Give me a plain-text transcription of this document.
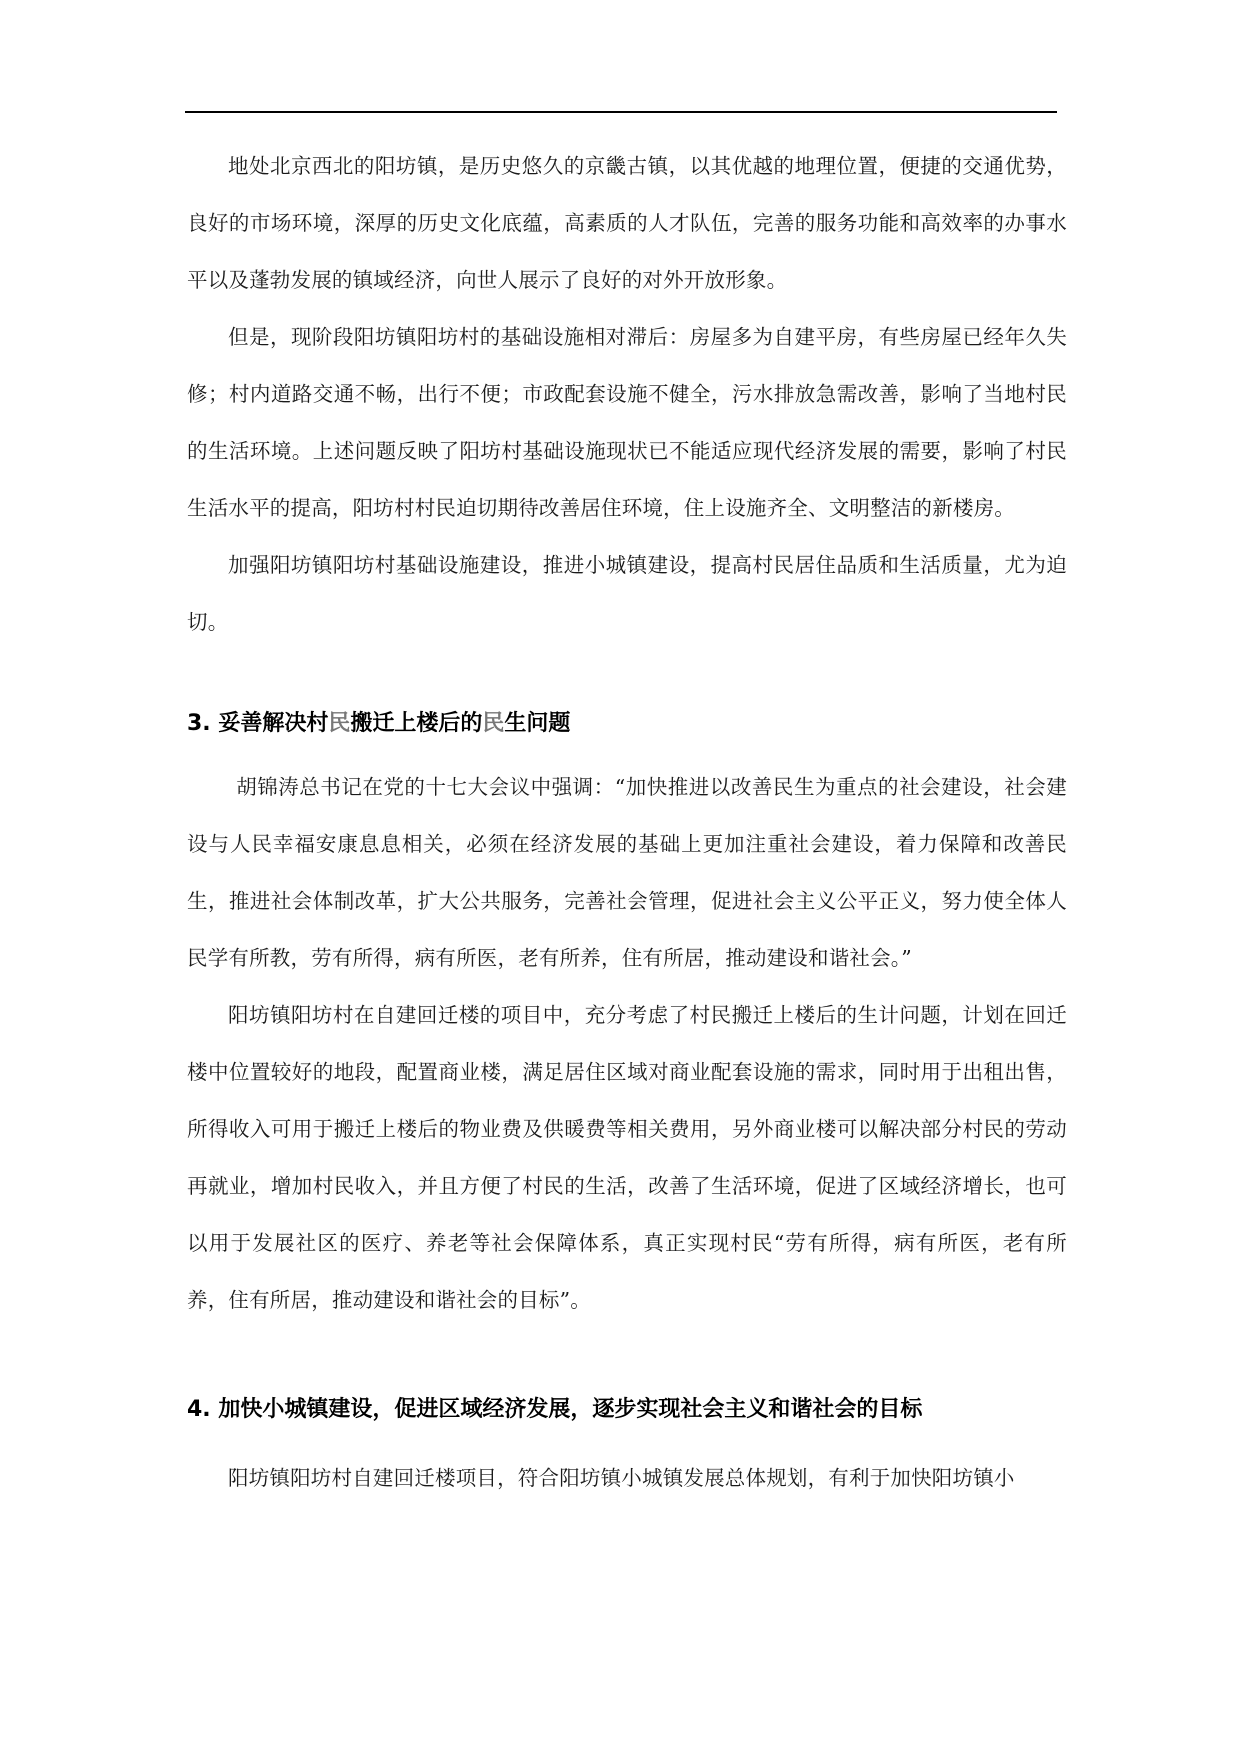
地处北京西北的阳坊镇，是历史悠久的京畿古镇，以其优越的地理位置，便捷的交通优势，良好的市场环境，深厚的历史文化底蕴，高素质的人才队伍，完善的服务功能和高效率的办事水平以及蓬勃发展的镇域经济，向世人展示了良好的对外开放形象。

但是，现阶段阳坊镇阳坊村的基础设施相对滞后：房屋多为自建平房，有些房屋已经年久失修；村内道路交通不畅，出行不便；市政配套设施不健全，污水排放急需改善，影响了当地村民的生活环境。上述问题反映了阳坊村基础设施现状已不能适应现代经济发展的需要，影响了村民生活水平的提高，阳坊村村民迫切期待改善居住环境，住上设施齐全、文明整洁的新楼房。

加强阳坊镇阳坊村基础设施建设，推进小城镇建设，提高村民居住品质和生活质量，尤为迫切。

3. 妥善解决村民搬迁上楼后的民生问题

胡锦涛总书记在党的十七大会议中强调：“加快推进以改善民生为重点的社会建设，社会建设与人民幸福安康息息相关，必须在经济发展的基础上更加注重社会建设，着力保障和改善民生，推进社会体制改革，扩大公共服务，完善社会管理，促进社会主义公平正义，努力使全体人民学有所教，劳有所得，病有所医，老有所养，住有所居，推动建设和谐社会。”

阳坊镇阳坊村在自建回迁楼的项目中，充分考虑了村民搬迁上楼后的生计问题，计划在回迁楼中位置较好的地段，配置商业楼，满足居住区域对商业配套设施的需求，同时用于出租出售，所得收入可用于搬迁上楼后的物业费及供暖费等相关费用，另外商业楼可以解决部分村民的劳动再就业，增加村民收入，并且方便了村民的生活，改善了生活环境，促进了区域经济增长，也可以用于发展社区的医疗、养老等社会保障体系，真正实现村民“劳有所得，病有所医，老有所养，住有所居，推动建设和谐社会的目标”。

4. 加快小城镇建设，促进区域经济发展，逐步实现社会主义和谐社会的目标

阳坊镇阳坊村自建回迁楼项目，符合阳坊镇小城镇发展总体规划，有利于加快阳坊镇小
